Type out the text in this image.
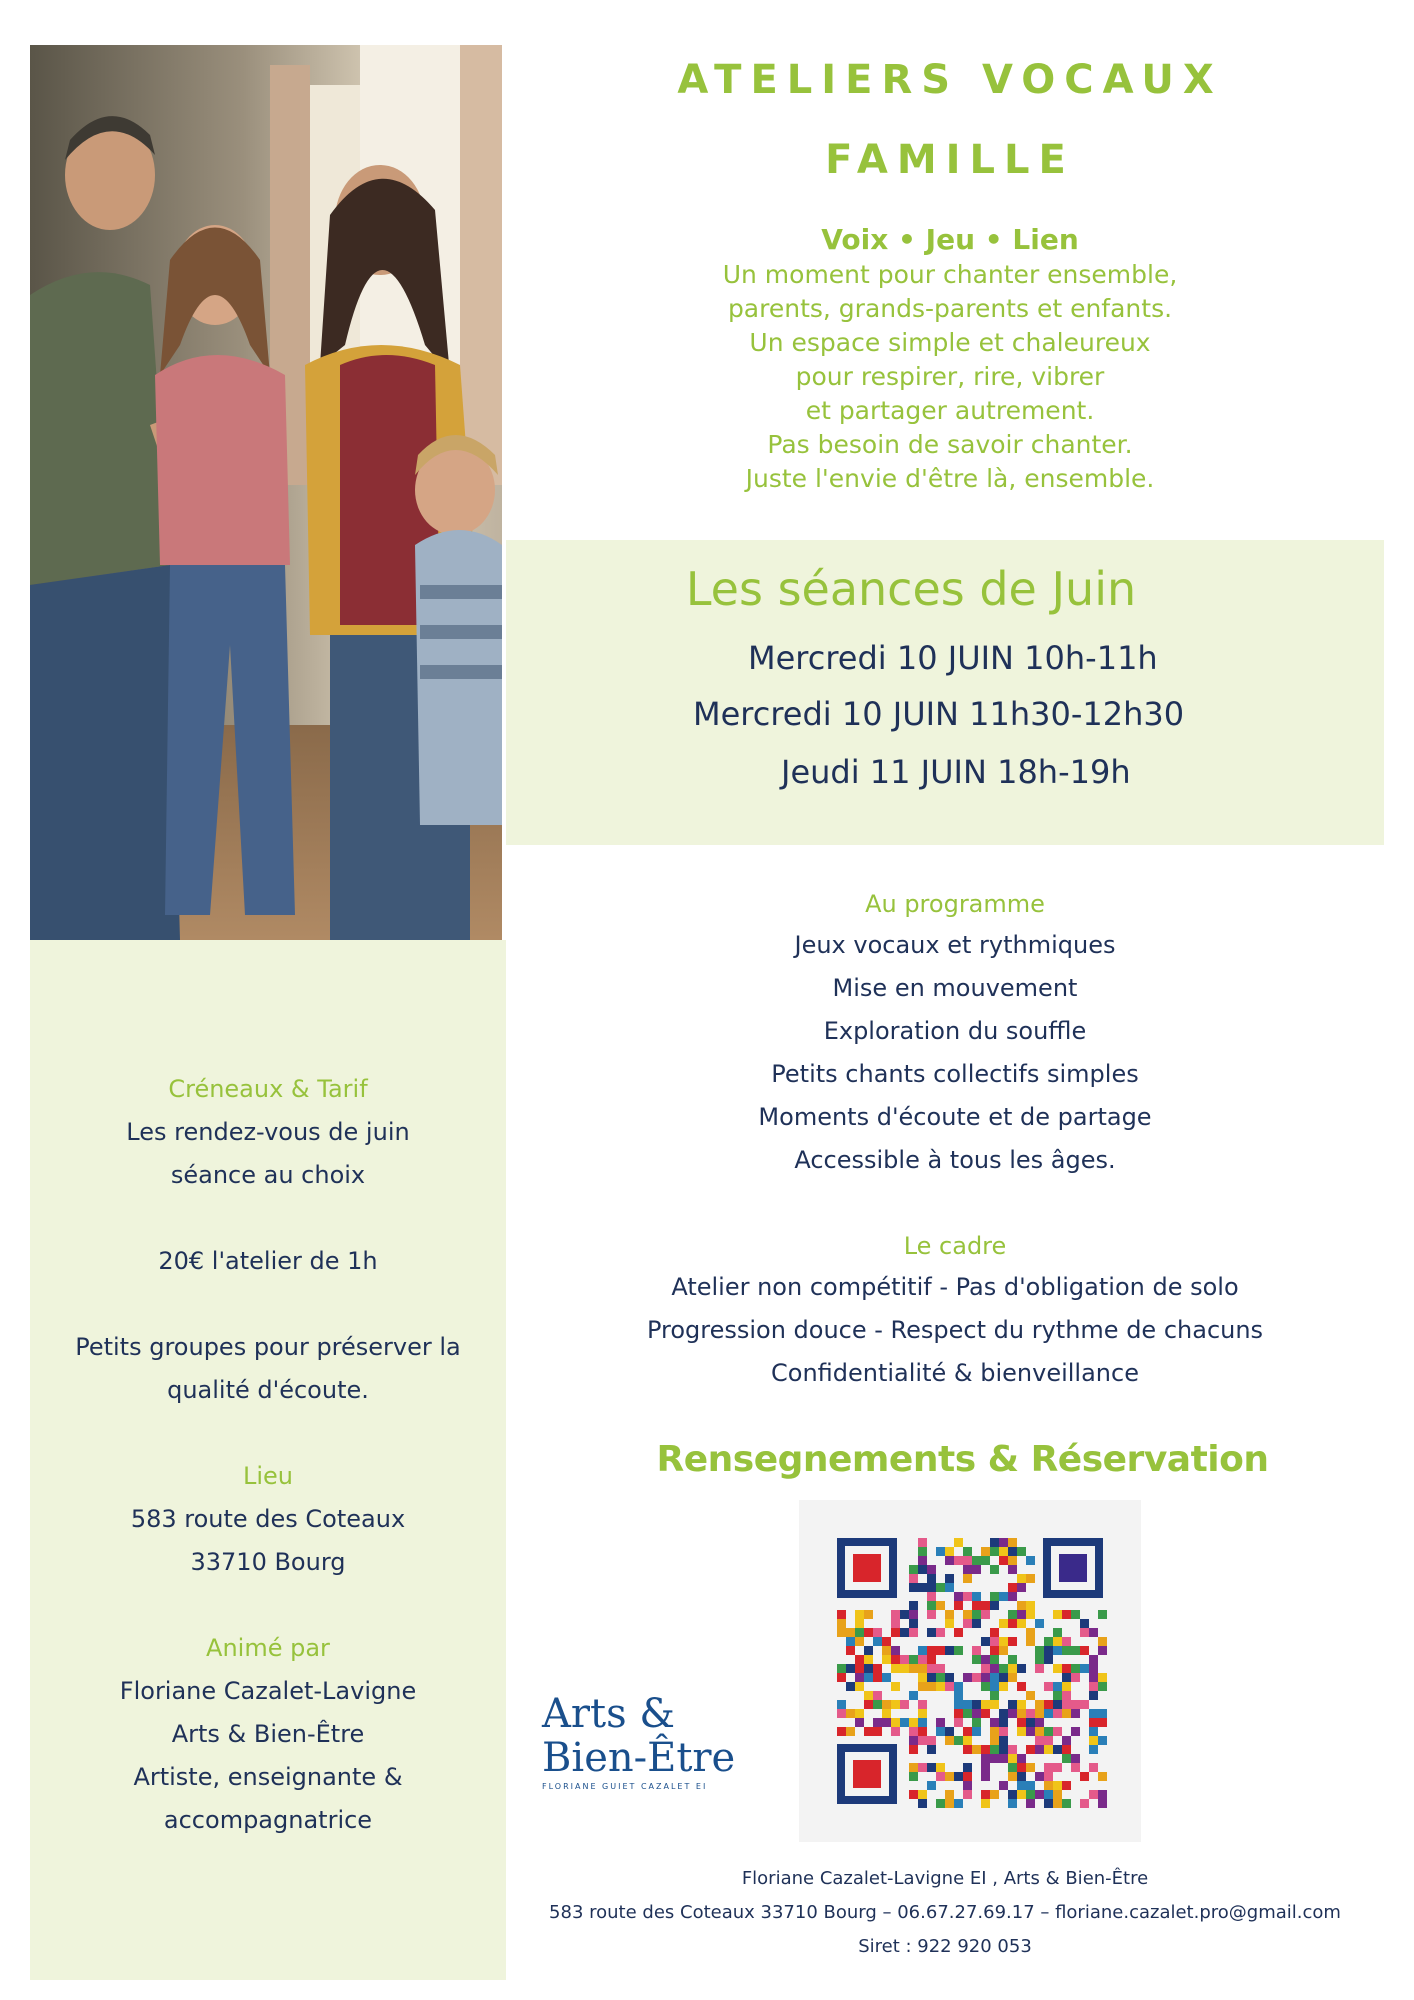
Créneaux & Tarif
Les rendez-vous de juin
séance au choix
20€ l'atelier de 1h
Petits groupes pour préserver la
qualité d'écoute.
Lieu
583 route des Coteaux
33710 Bourg
Animé par
Floriane Cazalet-Lavigne
Arts & Bien-Être
Artiste, enseignante &
accompagnatrice
ATELIERS VOCAUX
FAMILLE
Voix • Jeu • Lien
Un moment pour chanter ensemble,
parents, grands-parents et enfants.
Un espace simple et chaleureux
pour respirer, rire, vibrer
et partager autrement.
Pas besoin de savoir chanter.
Juste l'envie d'être là, ensemble.
Les séances de Juin
Mercredi 10 JUIN 10h-11h
Mercredi 10 JUIN 11h30-12h30
Jeudi 11 JUIN 18h-19h
Au programme
Jeux vocaux et rythmiques
Mise en mouvement
Exploration du souffle
Petits chants collectifs simples
Moments d'écoute et de partage
Accessible à tous les âges.
Le cadre
Atelier non compétitif - Pas d'obligation de solo
Progression douce - Respect du rythme de chacuns
Confidentialité & bienveillance
Rensegnements & Réservation
Arts &
Bien-Être
FLORIANE GUIET CAZALET EI
Floriane Cazalet-Lavigne EI , Arts & Bien-Être
583 route des Coteaux 33710 Bourg – 06.67.27.69.17 – floriane.cazalet.pro@gmail.com
Siret : 922 920 053
